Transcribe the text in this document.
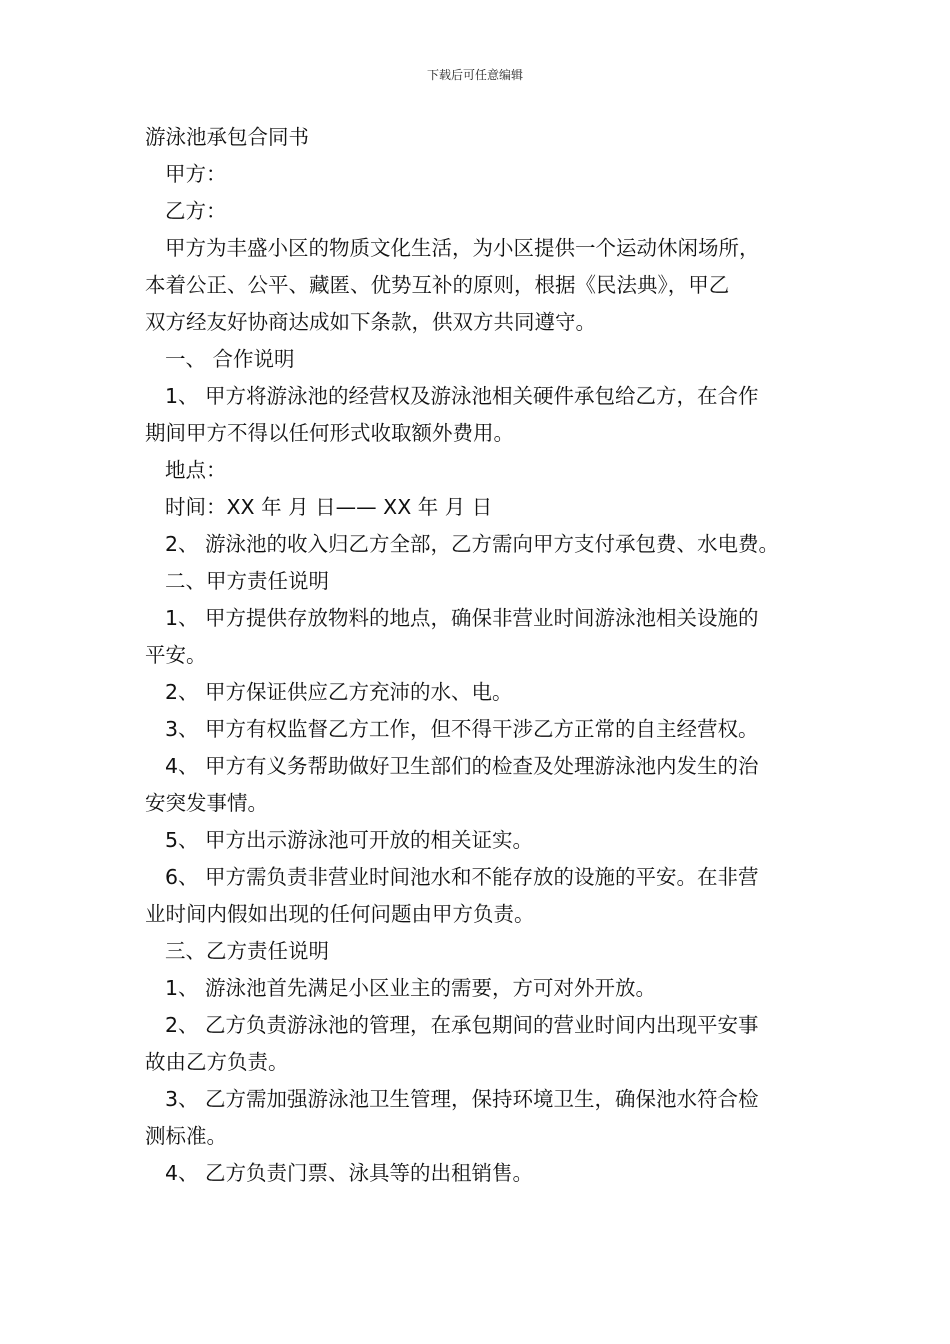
下载后可任意编辑

游泳池承包合同书

甲方：

乙方：

甲方为丰盛小区的物质文化生活，为小区提供一个运动休闲场所，

本着公正、公平、藏匿、优势互补的原则，根据《民法典》，甲乙

双方经友好协商达成如下条款，供双方共同遵守。

一、 合作说明

1、 甲方将游泳池的经营权及游泳池相关硬件承包给乙方，在合作

期间甲方不得以任何形式收取额外费用。

地点：

时间：XX 年 月 日—— XX 年 月 日

2、 游泳池的收入归乙方全部，乙方需向甲方支付承包费、水电费。

二、甲方责任说明

1、 甲方提供存放物料的地点，确保非营业时间游泳池相关设施的

平安。

2、 甲方保证供应乙方充沛的水、电。

3、 甲方有权监督乙方工作，但不得干涉乙方正常的自主经营权。

4、 甲方有义务帮助做好卫生部们的检查及处理游泳池内发生的治

安突发事情。

5、 甲方出示游泳池可开放的相关证实。

6、 甲方需负责非营业时间池水和不能存放的设施的平安。在非营

业时间内假如出现的任何问题由甲方负责。

三、乙方责任说明

1、 游泳池首先满足小区业主的需要，方可对外开放。

2、 乙方负责游泳池的管理，在承包期间的营业时间内出现平安事

故由乙方负责。

3、 乙方需加强游泳池卫生管理，保持环境卫生，确保池水符合检

测标准。

4、 乙方负责门票、泳具等的出租销售。
